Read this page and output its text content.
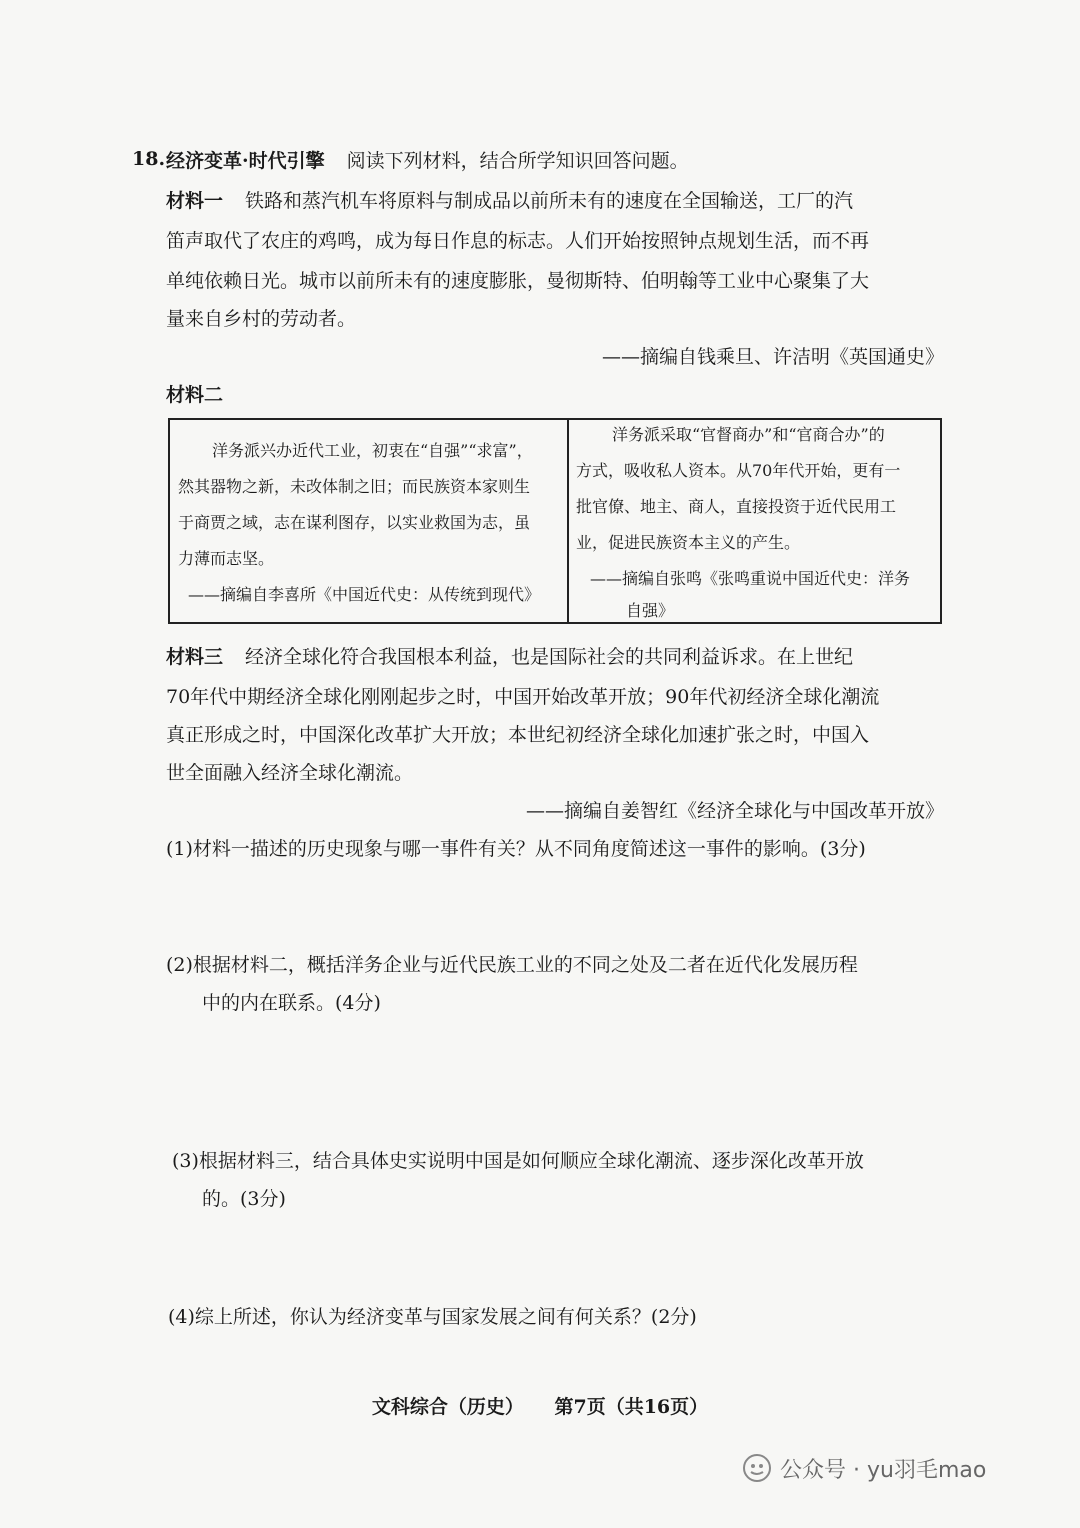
18. 经济变革·时代引擎 阅读下列材料，结合所学知识回答问题。
材料一 铁路和蒸汽机车将原料与制成品以前所未有的速度在全国输送，工厂的汽
笛声取代了农庄的鸡鸣，成为每日作息的标志。人们开始按照钟点规划生活，而不再
单纯依赖日光。城市以前所未有的速度膨胀，曼彻斯特、伯明翰等工业中心聚集了大
量来自乡村的劳动者。
——摘编自钱乘旦、许洁明《英国通史》
材料二
洋务派兴办近代工业，初衷在“自强”“求富”，
然其器物之新，未改体制之旧；而民族资本家则生
于商贾之域，志在谋利图存，以实业救国为志，虽
力薄而志坚。
——摘编自李喜所《中国近代史：从传统到现代》
洋务派采取“官督商办”和“官商合办”的
方式，吸收私人资本。从70年代开始，更有一
批官僚、地主、商人，直接投资于近代民用工
业，促进民族资本主义的产生。
——摘编自张鸣《张鸣重说中国近代史：洋务
自强》
材料三 经济全球化符合我国根本利益，也是国际社会的共同利益诉求。在上世纪
70年代中期经济全球化刚刚起步之时，中国开始改革开放；90年代初经济全球化潮流
真正形成之时，中国深化改革扩大开放；本世纪初经济全球化加速扩张之时，中国入
世全面融入经济全球化潮流。
——摘编自姜智红《经济全球化与中国改革开放》
(1)材料一描述的历史现象与哪一事件有关？从不同角度简述这一事件的影响。(3分)
(2)根据材料二，概括洋务企业与近代民族工业的不同之处及二者在近代化发展历程
中的内在联系。(4分)
(3)根据材料三，结合具体史实说明中国是如何顺应全球化潮流、逐步深化改革开放
的。(3分)
(4)综上所述，你认为经济变革与国家发展之间有何关系？(2分)
文科综合（历史） 第7页（共16页）
公众号 · yu羽毛mao
